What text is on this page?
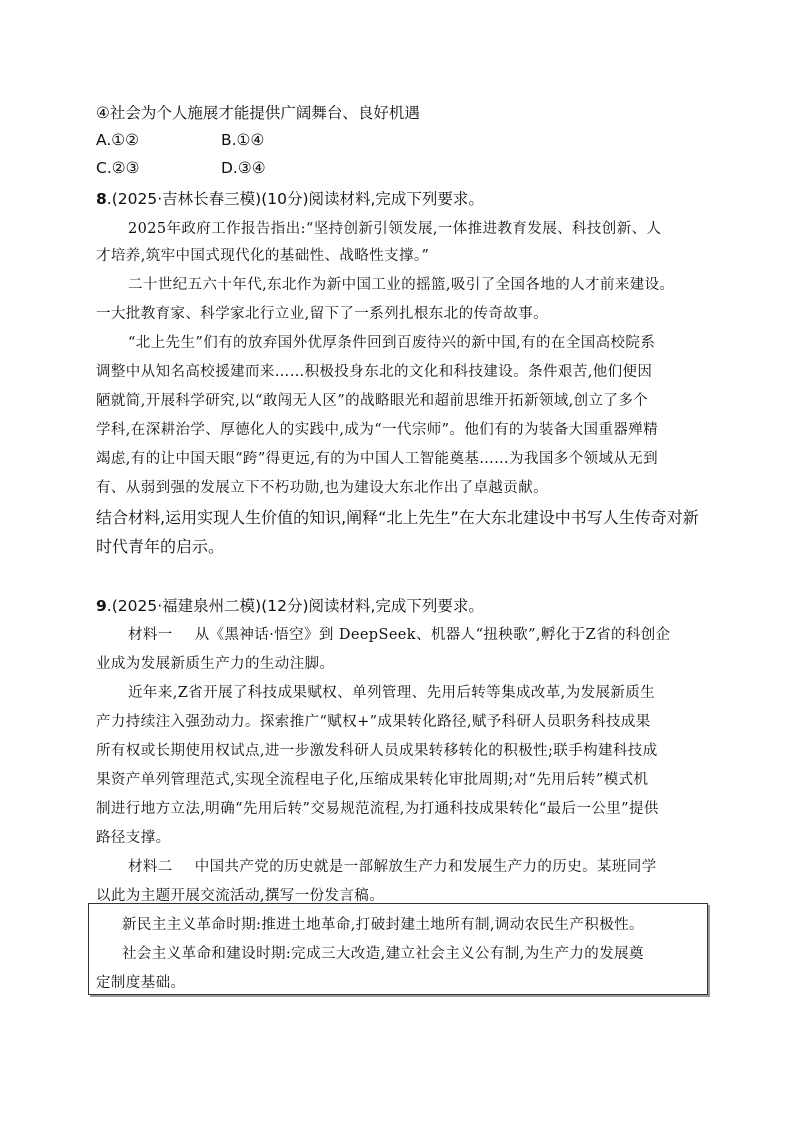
④社会为个人施展才能提供广阔舞台、良好机遇
A.①②	B.①④
C.②③	D.③④
8.(2025·吉林长春三模)(10分)阅读材料,完成下列要求。
2025年政府工作报告指出:“坚持创新引领发展,一体推进教育发展、科技创新、人
才培养,筑牢中国式现代化的基础性、战略性支撑。”
二十世纪五六十年代,东北作为新中国工业的摇篮,吸引了全国各地的人才前来建设。
一大批教育家、科学家北行立业,留下了一系列扎根东北的传奇故事。
“北上先生”们有的放弃国外优厚条件回到百废待兴的新中国,有的在全国高校院系
调整中从知名高校援建而来……积极投身东北的文化和科技建设。条件艰苦,他们便因
陋就简,开展科学研究,以“敢闯无人区”的战略眼光和超前思维开拓新领域,创立了多个
学科,在深耕治学、厚德化人的实践中,成为“一代宗师”。他们有的为装备大国重器殚精
竭虑,有的让中国天眼“跨”得更远,有的为中国人工智能奠基……为我国多个领域从无到
有、从弱到强的发展立下不朽功勋,也为建设大东北作出了卓越贡献。
结合材料,运用实现人生价值的知识,阐释“北上先生”在大东北建设中书写人生传奇对新
时代青年的启示。
9.(2025·福建泉州二模)(12分)阅读材料,完成下列要求。
材料一 从《黑神话·悟空》到 DeepSeek、机器人“扭秧歌”,孵化于Z省的科创企
业成为发展新质生产力的生动注脚。
近年来,Z省开展了科技成果赋权、单列管理、先用后转等集成改革,为发展新质生
产力持续注入强劲动力。探索推广“赋权+”成果转化路径,赋予科研人员职务科技成果
所有权或长期使用权试点,进一步激发科研人员成果转移转化的积极性;联手构建科技成
果资产单列管理范式,实现全流程电子化,压缩成果转化审批周期;对“先用后转”模式机
制进行地方立法,明确“先用后转”交易规范流程,为打通科技成果转化“最后一公里”提供
路径支撑。
材料二 中国共产党的历史就是一部解放生产力和发展生产力的历史。某班同学
以此为主题开展交流活动,撰写一份发言稿。
新民主主义革命时期:推进土地革命,打破封建土地所有制,调动农民生产积极性。
社会主义革命和建设时期:完成三大改造,建立社会主义公有制,为生产力的发展奠
定制度基础。
